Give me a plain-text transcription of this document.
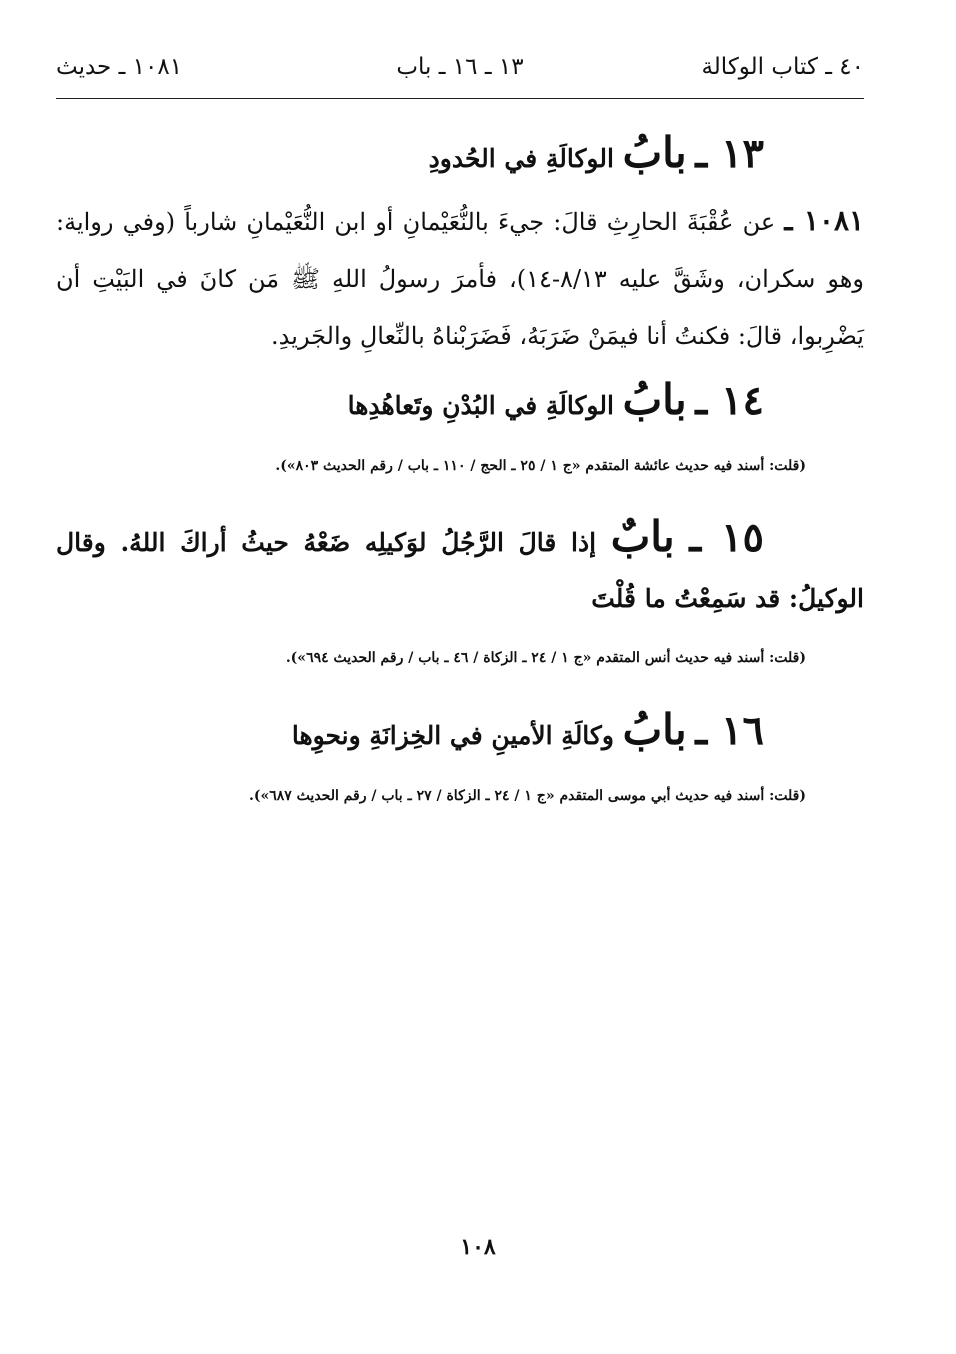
٤٠ ـ كتاب الوكالة
١٣ ـ ١٦ ـ باب
١٠٨١ ـ حديث
١٣ ـ بابُ الوكالَةِ في الحُدودِ

١٠٨١ ـ عن عُقْبَةَ الحارِثِ قالَ: جيءَ بالنُّعَيْمانِ أو ابن النُّعَيْمانِ شارباً (وفي رواية: وهو سكران، وشَقَّ عليه ٨/١٣-١٤)، فأمرَ رسولُ اللهِ ﷺ مَن كانَ في البَيْتِ أن يَضْرِبوا، قالَ: فكنتُ أنا فيمَنْ ضَرَبَهُ، فَضَرَبْناهُ بالنِّعالِ والجَريدِ.

١٤ ـ بابُ الوكالَةِ في البُدْنِ وتَعاهُدِها

(قلت: أسند فيه حديث عائشة المتقدم «ج ١ / ٢٥ ـ الحج / ١١٠ ـ باب / رقم الحديث ٨٠٣»).

١٥ ـ بابٌ إذا قالَ الرَّجُلُ لوَكيلِه ضَعْهُ حيثُ أراكَ اللهُ. وقال الوكيلُ: قد سَمِعْتُ ما قُلْتَ

(قلت: أسند فيه حديث أنس المتقدم «ج ١ / ٢٤ ـ الزكاة / ٤٦ ـ باب / رقم الحديث ٦٩٤»).

١٦ ـ بابُ وكالَةِ الأمينِ في الخِزانَةِ ونحوِها

(قلت: أسند فيه حديث أبي موسى المتقدم «ج ١ / ٢٤ ـ الزكاة / ٢٧ ـ باب / رقم الحديث ٦٨٧»).

١٠٨
